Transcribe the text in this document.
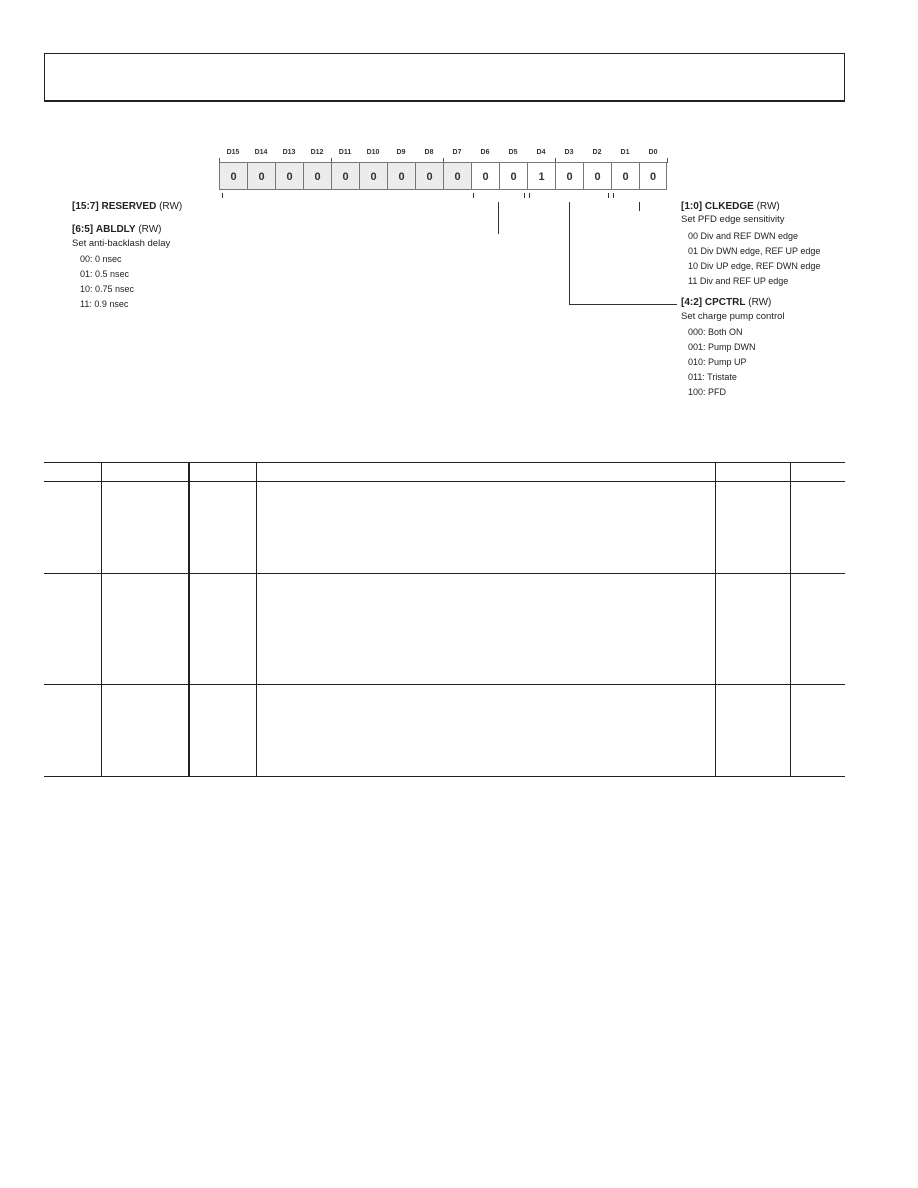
D15	D14	D13	D12	D11	D10	D9	D8	D7	D6	D5	D4	D3	D2	D1	D0
0	0	0	0	0	0	0	0	0	0	0	1	0	0	0	0
[15:7] RESERVED (RW)
[6:5] ABLDLY (RW)
Set anti-backlash delay
00: 0 nsec
01: 0.5 nsec
10: 0.75 nsec
11: 0.9 nsec
[1:0] CLKEDGE (RW)
Set PFD edge sensitivity
00 Div and REF DWN edge
01 Div DWN edge, REF UP edge
10 Div UP edge, REF DWN edge
11 Div and REF UP edge
[4:2] CPCTRL (RW)
Set charge pump control
000: Both ON
001: Pump DWN
010: Pump UP
011: Tristate
100: PFD
